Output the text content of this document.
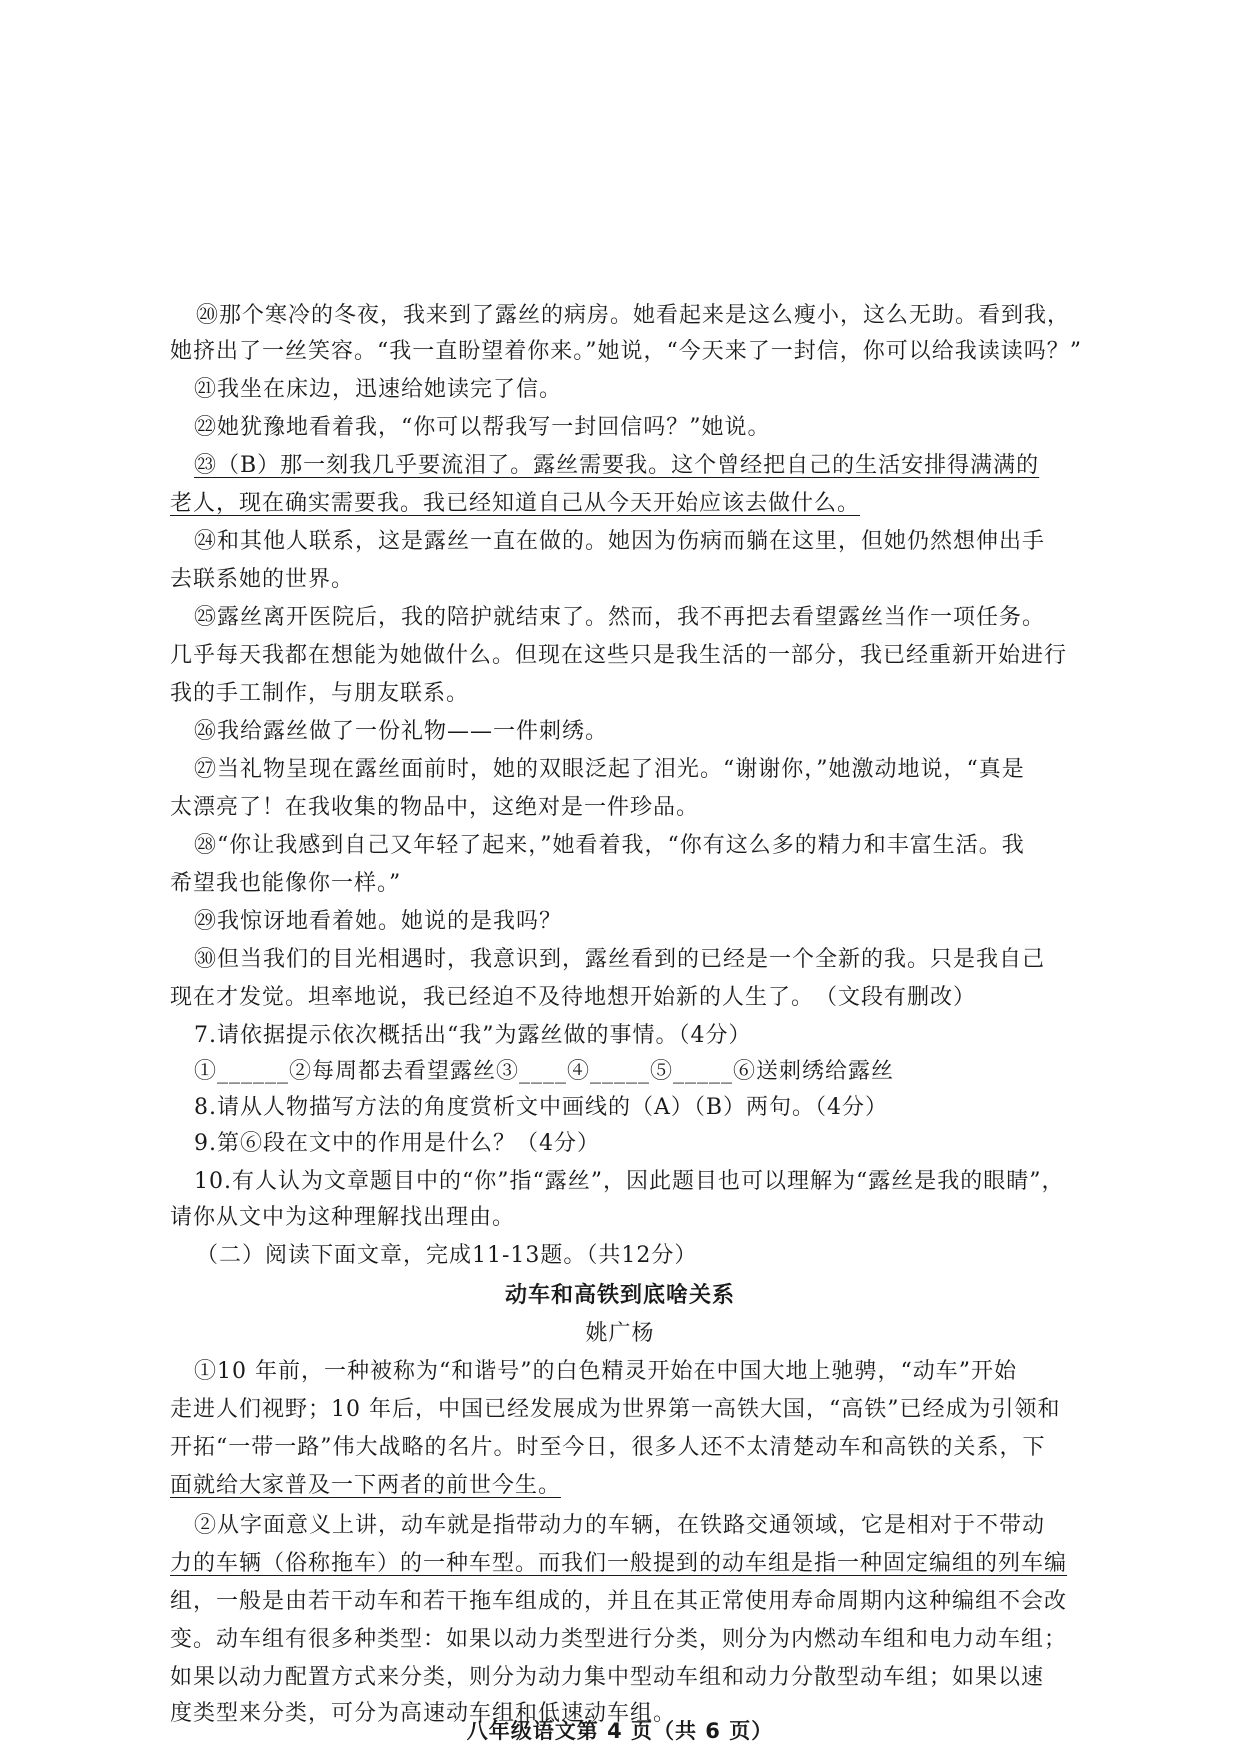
⑳那个寒冷的冬夜，我来到了露丝的病房。她看起来是这么瘦小，这么无助。看到我，
她挤出了一丝笑容。“我一直盼望着你来。”她说，“今天来了一封信，你可以给我读读吗？”
㉑我坐在床边，迅速给她读完了信。
㉒她犹豫地看着我，“你可以帮我写一封回信吗？”她说。
㉓（B）那一刻我几乎要流泪了。露丝需要我。这个曾经把自己的生活安排得满满的
老人，现在确实需要我。我已经知道自己从今天开始应该去做什么。
㉔和其他人联系，这是露丝一直在做的。她因为伤病而躺在这里，但她仍然想伸出手
去联系她的世界。
㉕露丝离开医院后，我的陪护就结束了。然而，我不再把去看望露丝当作一项任务。
几乎每天我都在想能为她做什么。但现在这些只是我生活的一部分，我已经重新开始进行
我的手工制作，与朋友联系。
㉖我给露丝做了一份礼物——一件刺绣。
㉗当礼物呈现在露丝面前时，她的双眼泛起了泪光。“谢谢你，”她激动地说，“真是
太漂亮了！在我收集的物品中，这绝对是一件珍品。
㉘“你让我感到自己又年轻了起来，”她看着我，“你有这么多的精力和丰富生活。我
希望我也能像你一样。”
㉙我惊讶地看着她。她说的是我吗？
㉚但当我们的目光相遇时，我意识到，露丝看到的已经是一个全新的我。只是我自己
现在才发觉。坦率地说，我已经迫不及待地想开始新的人生了。　（文段有删改）
7.请依据提示依次概括出“我”为露丝做的事情。（4分）
①______②每周都去看望露丝③____④_____⑤_____⑥送刺绣给露丝
8.请从人物描写方法的角度赏析文中画线的（A）（B）两句。（4分）
9.第⑥段在文中的作用是什么？（4分）
10.有人认为文章题目中的“你”指“露丝”，因此题目也可以理解为“露丝是我的眼睛”，
请你从文中为这种理解找出理由。
（二）阅读下面文章，完成11-13题。（共12分）
动车和高铁到底啥关系
姚广杨
①10 年前，一种被称为“和谐号”的白色精灵开始在中国大地上驰骋，“动车”开始
走进人们视野；10 年后，中国已经发展成为世界第一高铁大国，“高铁”已经成为引领和
开拓“一带一路”伟大战略的名片。时至今日，很多人还不太清楚动车和高铁的关系，下
面就给大家普及一下两者的前世今生。
②从字面意义上讲，动车就是指带动力的车辆，在铁路交通领域，它是相对于不带动
力的车辆（俗称拖车）的一种车型。而我们一般提到的动车组是指一种固定编组的列车编
组，一般是由若干动车和若干拖车组成的，并且在其正常使用寿命周期内这种编组不会改
变。动车组有很多种类型：如果以动力类型进行分类，则分为内燃动车组和电力动车组；
如果以动力配置方式来分类，则分为动力集中型动车组和动力分散型动车组；如果以速
度类型来分类，可分为高速动车组和低速动车组。
八年级语文第 4 页（共 6 页）
